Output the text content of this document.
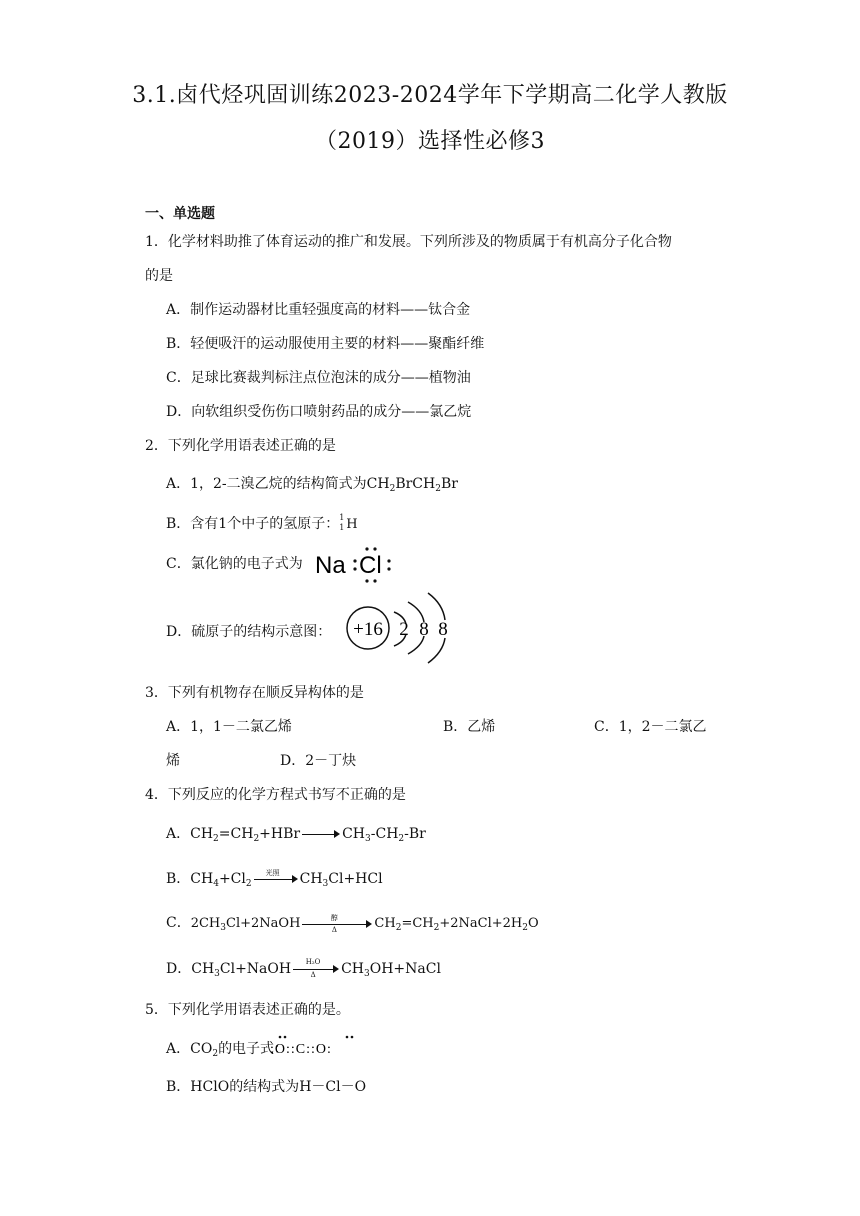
3.1.卤代烃巩固训练2023-2024学年下学期高二化学人教版
（2019）选择性必修3
一、单选题
1．化学材料助推了体育运动的推广和发展。下列所涉及的物质属于有机高分子化合物
的是
A．制作运动器材比重轻强度高的材料——钛合金
B．轻便吸汗的运动服使用主要的材料——聚酯纤维
C．足球比赛裁判标注点位泡沫的成分——植物油
D．向软组织受伤伤口喷射药品的成分——氯乙烷
2．下列化学用语表述正确的是
A．1，2-二溴乙烷的结构简式为$CH_2BrCH_2Br$
B．含有1个中子的氢原子： 1
1 H
C．氯化钠的电子式为 Na Cl
D．硫原子的结构示意图： +16 2 8 8
3．下列有机物存在顺反异构体的是
A．1，1－二氯乙烯	B．乙烯	C．1，2－二氯乙
烯	D．2－丁炔
4．下列反应的化学方程式书写不正确的是
A．$CH_2=CH_2+HBr$	$CH_3-CH_2-Br$
B．$CH_4+Cl_2$
光照	$CH_3Cl+HCl$
C．$2CH_3Cl+2NaOH$	醇
Δ	$CH_2=CH_2+2NaCl+2H_2O$
D．$CH_3Cl+NaOH \frac{\text{H₂O}}{\Delta}$ $CH_3OH+NaCl$
5．下列化学用语表述正确的是。
A．$CO_2$的电子式：
:O::C::O:
B．HClO的结构式为H－Cl－O
